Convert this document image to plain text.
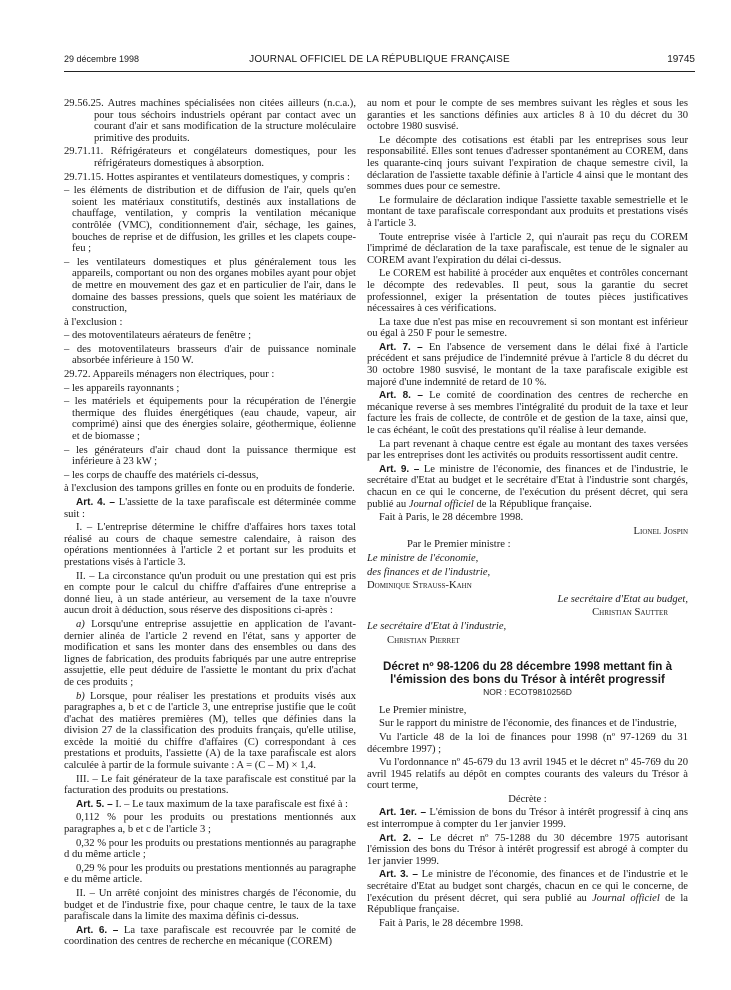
29 décembre 1998	JOURNAL OFFICIEL DE LA RÉPUBLIQUE FRANÇAISE	19745

29.56.25. Autres machines spécialisées non citées ailleurs (n.c.a.), pour tous séchoirs industriels opérant par contact avec un courant d'air et sans modification de la structure moléculaire primitive des produits.

29.71.11. Réfrigérateurs et congélateurs domestiques, pour les réfrigérateurs domestiques à absorption.

29.71.15. Hottes aspirantes et ventilateurs domestiques, y compris :

– les éléments de distribution et de diffusion de l'air, quels qu'en soient les matériaux constitutifs, destinés aux installations de chauffage, ventilation, y compris la ventilation mécanique contrôlée (VMC), conditionnement d'air, séchage, les gaines, bouches de reprise et de diffusion, les grilles et les clapets coupe-feu ;

– les ventilateurs domestiques et plus généralement tous les appareils, comportant ou non des organes mobiles ayant pour objet de mettre en mouvement des gaz et en particulier de l'air, dans le domaine des basses pressions, quels que soient les matériaux de construction,

à l'exclusion :

– des motoventilateurs aérateurs de fenêtre ;

– des motoventilateurs brasseurs d'air de puissance nominale absorbée inférieure à 150 W.

29.72. Appareils ménagers non électriques, pour :

– les appareils rayonnants ;

– les matériels et équipements pour la récupération de l'énergie thermique des fluides énergétiques (eau chaude, vapeur, air comprimé) ainsi que des énergies solaire, géothermique, éolienne et de biomasse ;

– les générateurs d'air chaud dont la puissance thermique est inférieure à 23 kW ;

– les corps de chauffe des matériels ci-dessus,

à l'exclusion des tampons grilles en fonte ou en produits de fonderie.

Art. 4. – L'assiette de la taxe parafiscale est déterminée comme suit :

I. – L'entreprise détermine le chiffre d'affaires hors taxes total réalisé au cours de chaque semestre calendaire, à raison des opérations mentionnées à l'article 2 et portant sur les produits et prestations visés à l'article 3.

II. – La circonstance qu'un produit ou une prestation qui est pris en compte pour le calcul du chiffre d'affaires d'une entreprise a donné lieu, à un stade antérieur, au versement de la taxe n'ouvre aucun droit à déduction, sous réserve des dispositions ci-après :

a) Lorsqu'une entreprise assujettie en application de l'avant-dernier alinéa de l'article 2 revend en l'état, sans y apporter de modification et sans les monter dans des ensembles ou dans des lignes de fabrication, des produits fabriqués par une autre entreprise assujettie, elle peut déduire de l'assiette le montant du prix d'achat de ces produits ;

b) Lorsque, pour réaliser les prestations et produits visés aux paragraphes a, b et c de l'article 3, une entreprise justifie que le coût d'achat des matières premières (M), telles que définies dans la division 27 de la classification des produits français, qu'elle utilise, excède la moitié du chiffre d'affaires (C) correspondant à ces prestations et produits, l'assiette (A) de la taxe parafiscale est alors calculée à partir de la formule suivante : A = (C – M) × 1,4.

III. – Le fait générateur de la taxe parafiscale est constitué par la facturation des produits ou prestations.

Art. 5. – I. – Le taux maximum de la taxe parafiscale est fixé à :

0,112 % pour les produits ou prestations mentionnés aux paragraphes a, b et c de l'article 3 ;

0,32 % pour les produits ou prestations mentionnés au paragraphe d du même article ;

0,29 % pour les produits ou prestations mentionnés au paragraphe e du même article.

II. – Un arrêté conjoint des ministres chargés de l'économie, du budget et de l'industrie fixe, pour chaque centre, le taux de la taxe parafiscale dans la limite des maxima définis ci-dessus.

Art. 6. – La taxe parafiscale est recouvrée par le comité de coordination des centres de recherche en mécanique (COREM)

au nom et pour le compte de ses membres suivant les règles et sous les garanties et les sanctions définies aux articles 8 à 10 du décret du 30 octobre 1980 susvisé.

Le décompte des cotisations est établi par les entreprises sous leur responsabilité. Elles sont tenues d'adresser spontanément au COREM, dans les quarante-cinq jours suivant l'expiration de chaque semestre civil, la déclaration de l'assiette taxable définie à l'article 4 ainsi que le montant des sommes dues pour ce semestre.

Le formulaire de déclaration indique l'assiette taxable semestrielle et le montant de taxe parafiscale correspondant aux produits et prestations visés à l'article 3.

Toute entreprise visée à l'article 2, qui n'aurait pas reçu du COREM l'imprimé de déclaration de la taxe parafiscale, est tenue de le signaler au COREM avant l'expiration du délai ci-dessus.

Le COREM est habilité à procéder aux enquêtes et contrôles concernant le décompte des redevables. Il peut, sous la garantie du secret professionnel, exiger la présentation de toutes pièces justificatives nécessaires à ces vérifications.

La taxe due n'est pas mise en recouvrement si son montant est inférieur ou égal à 250 F pour le semestre.

Art. 7. – En l'absence de versement dans le délai fixé à l'article précédent et sans préjudice de l'indemnité prévue à l'article 8 du décret du 30 octobre 1980 susvisé, le montant de la taxe parafiscale exigible est majoré d'une indemnité de retard de 10 %.

Art. 8. – Le comité de coordination des centres de recherche en mécanique reverse à ses membres l'intégralité du produit de la taxe et leur facture les frais de collecte, de contrôle et de gestion de la taxe, ainsi que, le cas échéant, le coût des prestations qu'il réalise à leur demande.

La part revenant à chaque centre est égale au montant des taxes versées par les entreprises dont les activités ou produits ressortissent audit centre.

Art. 9. – Le ministre de l'économie, des finances et de l'industrie, le secrétaire d'Etat au budget et le secrétaire d'Etat à l'industrie sont chargés, chacun en ce qui le concerne, de l'exécution du présent décret, qui sera publié au Journal officiel de la République française.

Fait à Paris, le 28 décembre 1998.

Lionel Jospin

Par le Premier ministre :

Le ministre de l'économie,

des finances et de l'industrie,

Dominique Strauss-Kahn

Le secrétaire d'Etat au budget,

Christian Sautter

Le secrétaire d'Etat à l'industrie,

Christian Pierret

Décret nº 98-1206 du 28 décembre 1998 mettant fin à l'émission des bons du Trésor à intérêt progressif
NOR : ECOT9810256D

Le Premier ministre,

Sur le rapport du ministre de l'économie, des finances et de l'industrie,

Vu l'article 48 de la loi de finances pour 1998 (nº 97-1269 du 31 décembre 1997) ;

Vu l'ordonnance nº 45-679 du 13 avril 1945 et le décret nº 45-769 du 20 avril 1945 relatifs au dépôt en comptes courants des valeurs du Trésor à court terme,

Décrète :

Art. 1er. – L'émission de bons du Trésor à intérêt progressif à cinq ans est interrompue à compter du 1er janvier 1999.

Art. 2. – Le décret nº 75-1288 du 30 décembre 1975 autorisant l'émission des bons du Trésor à intérêt progressif est abrogé à compter du 1er janvier 1999.

Art. 3. – Le ministre de l'économie, des finances et de l'industrie et le secrétaire d'Etat au budget sont chargés, chacun en ce qui le concerne, de l'exécution du présent décret, qui sera publié au Journal officiel de la République française.

Fait à Paris, le 28 décembre 1998.
